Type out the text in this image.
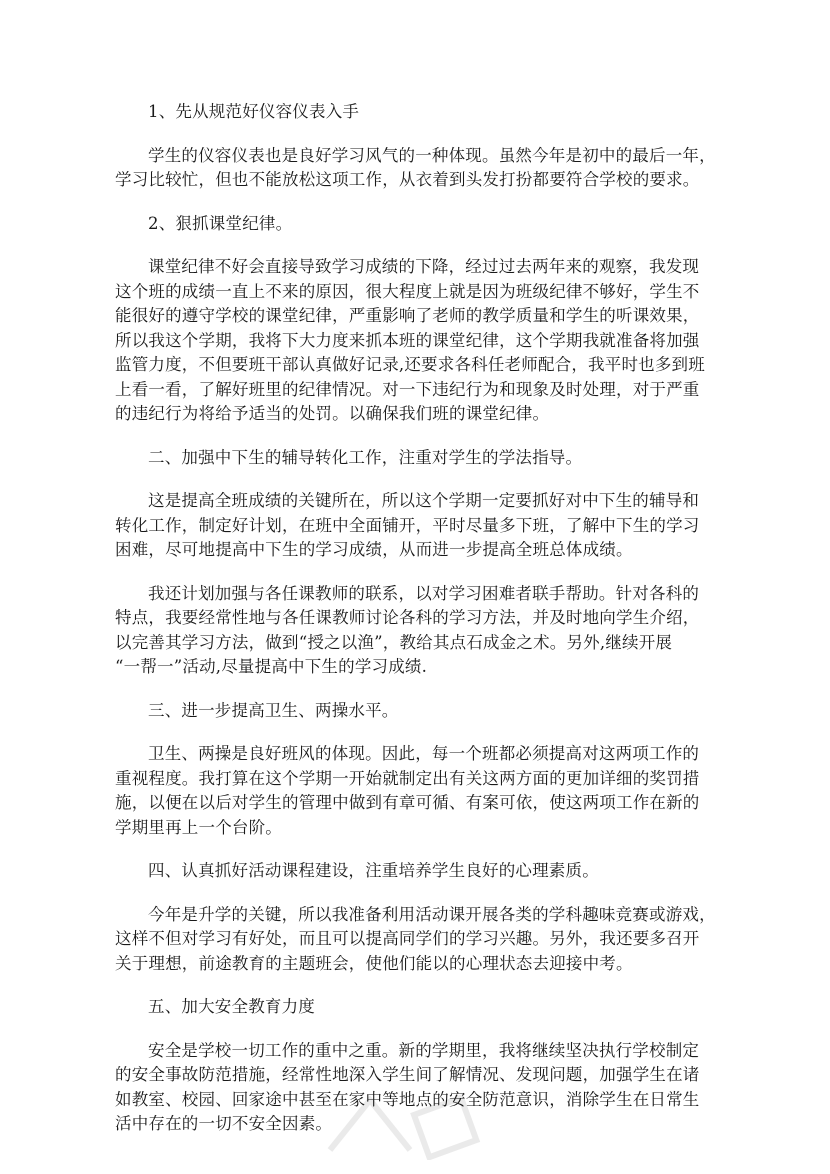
1、先从规范好仪容仪表入手

学生的仪容仪表也是良好学习风气的一种体现。虽然今年是初中的最后一年，
学习比较忙，但也不能放松这项工作，从衣着到头发打扮都要符合学校的要求。

2、狠抓课堂纪律。

课堂纪律不好会直接导致学习成绩的下降，经过过去两年来的观察，我发现
这个班的成绩一直上不来的原因，很大程度上就是因为班级纪律不够好，学生不
能很好的遵守学校的课堂纪律，严重影响了老师的教学质量和学生的听课效果，
所以我这个学期，我将下大力度来抓本班的课堂纪律，这个学期我就准备将加强
监管力度，不但要班干部认真做好记录,还要求各科任老师配合，我平时也多到班
上看一看，了解好班里的纪律情况。对一下违纪行为和现象及时处理，对于严重
的违纪行为将给予适当的处罚。以确保我们班的课堂纪律。

二、加强中下生的辅导转化工作，注重对学生的学法指导。

这是提高全班成绩的关键所在，所以这个学期一定要抓好对中下生的辅导和
转化工作，制定好计划，在班中全面铺开，平时尽量多下班，了解中下生的学习
困难，尽可地提高中下生的学习成绩，从而进一步提高全班总体成绩。
我还计划加强与各任课教师的联系，以对学习困难者联手帮助。针对各科的
特点，我要经常性地与各任课教师讨论各科的学习方法，并及时地向学生介绍，
以完善其学习方法，做到“授之以渔”，教给其点石成金之术。另外,继续开展
“一帮一”活动,尽量提高中下生的学习成绩.

三、进一步提高卫生、两操水平。

卫生、两操是良好班风的体现。因此，每一个班都必须提高对这两项工作的
重视程度。我打算在这个学期一开始就制定出有关这两方面的更加详细的奖罚措
施，以便在以后对学生的管理中做到有章可循、有案可依，使这两项工作在新的
学期里再上一个台阶。

四、认真抓好活动课程建设，注重培养学生良好的心理素质。

今年是升学的关键，所以我准备利用活动课开展各类的学科趣味竞赛或游戏，
这样不但对学习有好处，而且可以提高同学们的学习兴趣。另外，我还要多召开
关于理想，前途教育的主题班会，使他们能以的心理状态去迎接中考。

五、加大安全教育力度

安全是学校一切工作的重中之重。新的学期里，我将继续坚决执行学校制定
的安全事故防范措施，经常性地深入学生间了解情况、发现问题，加强学生在诸
如教室、校园、回家途中甚至在家中等地点的安全防范意识，消除学生在日常生
活中存在的一切不安全因素。
